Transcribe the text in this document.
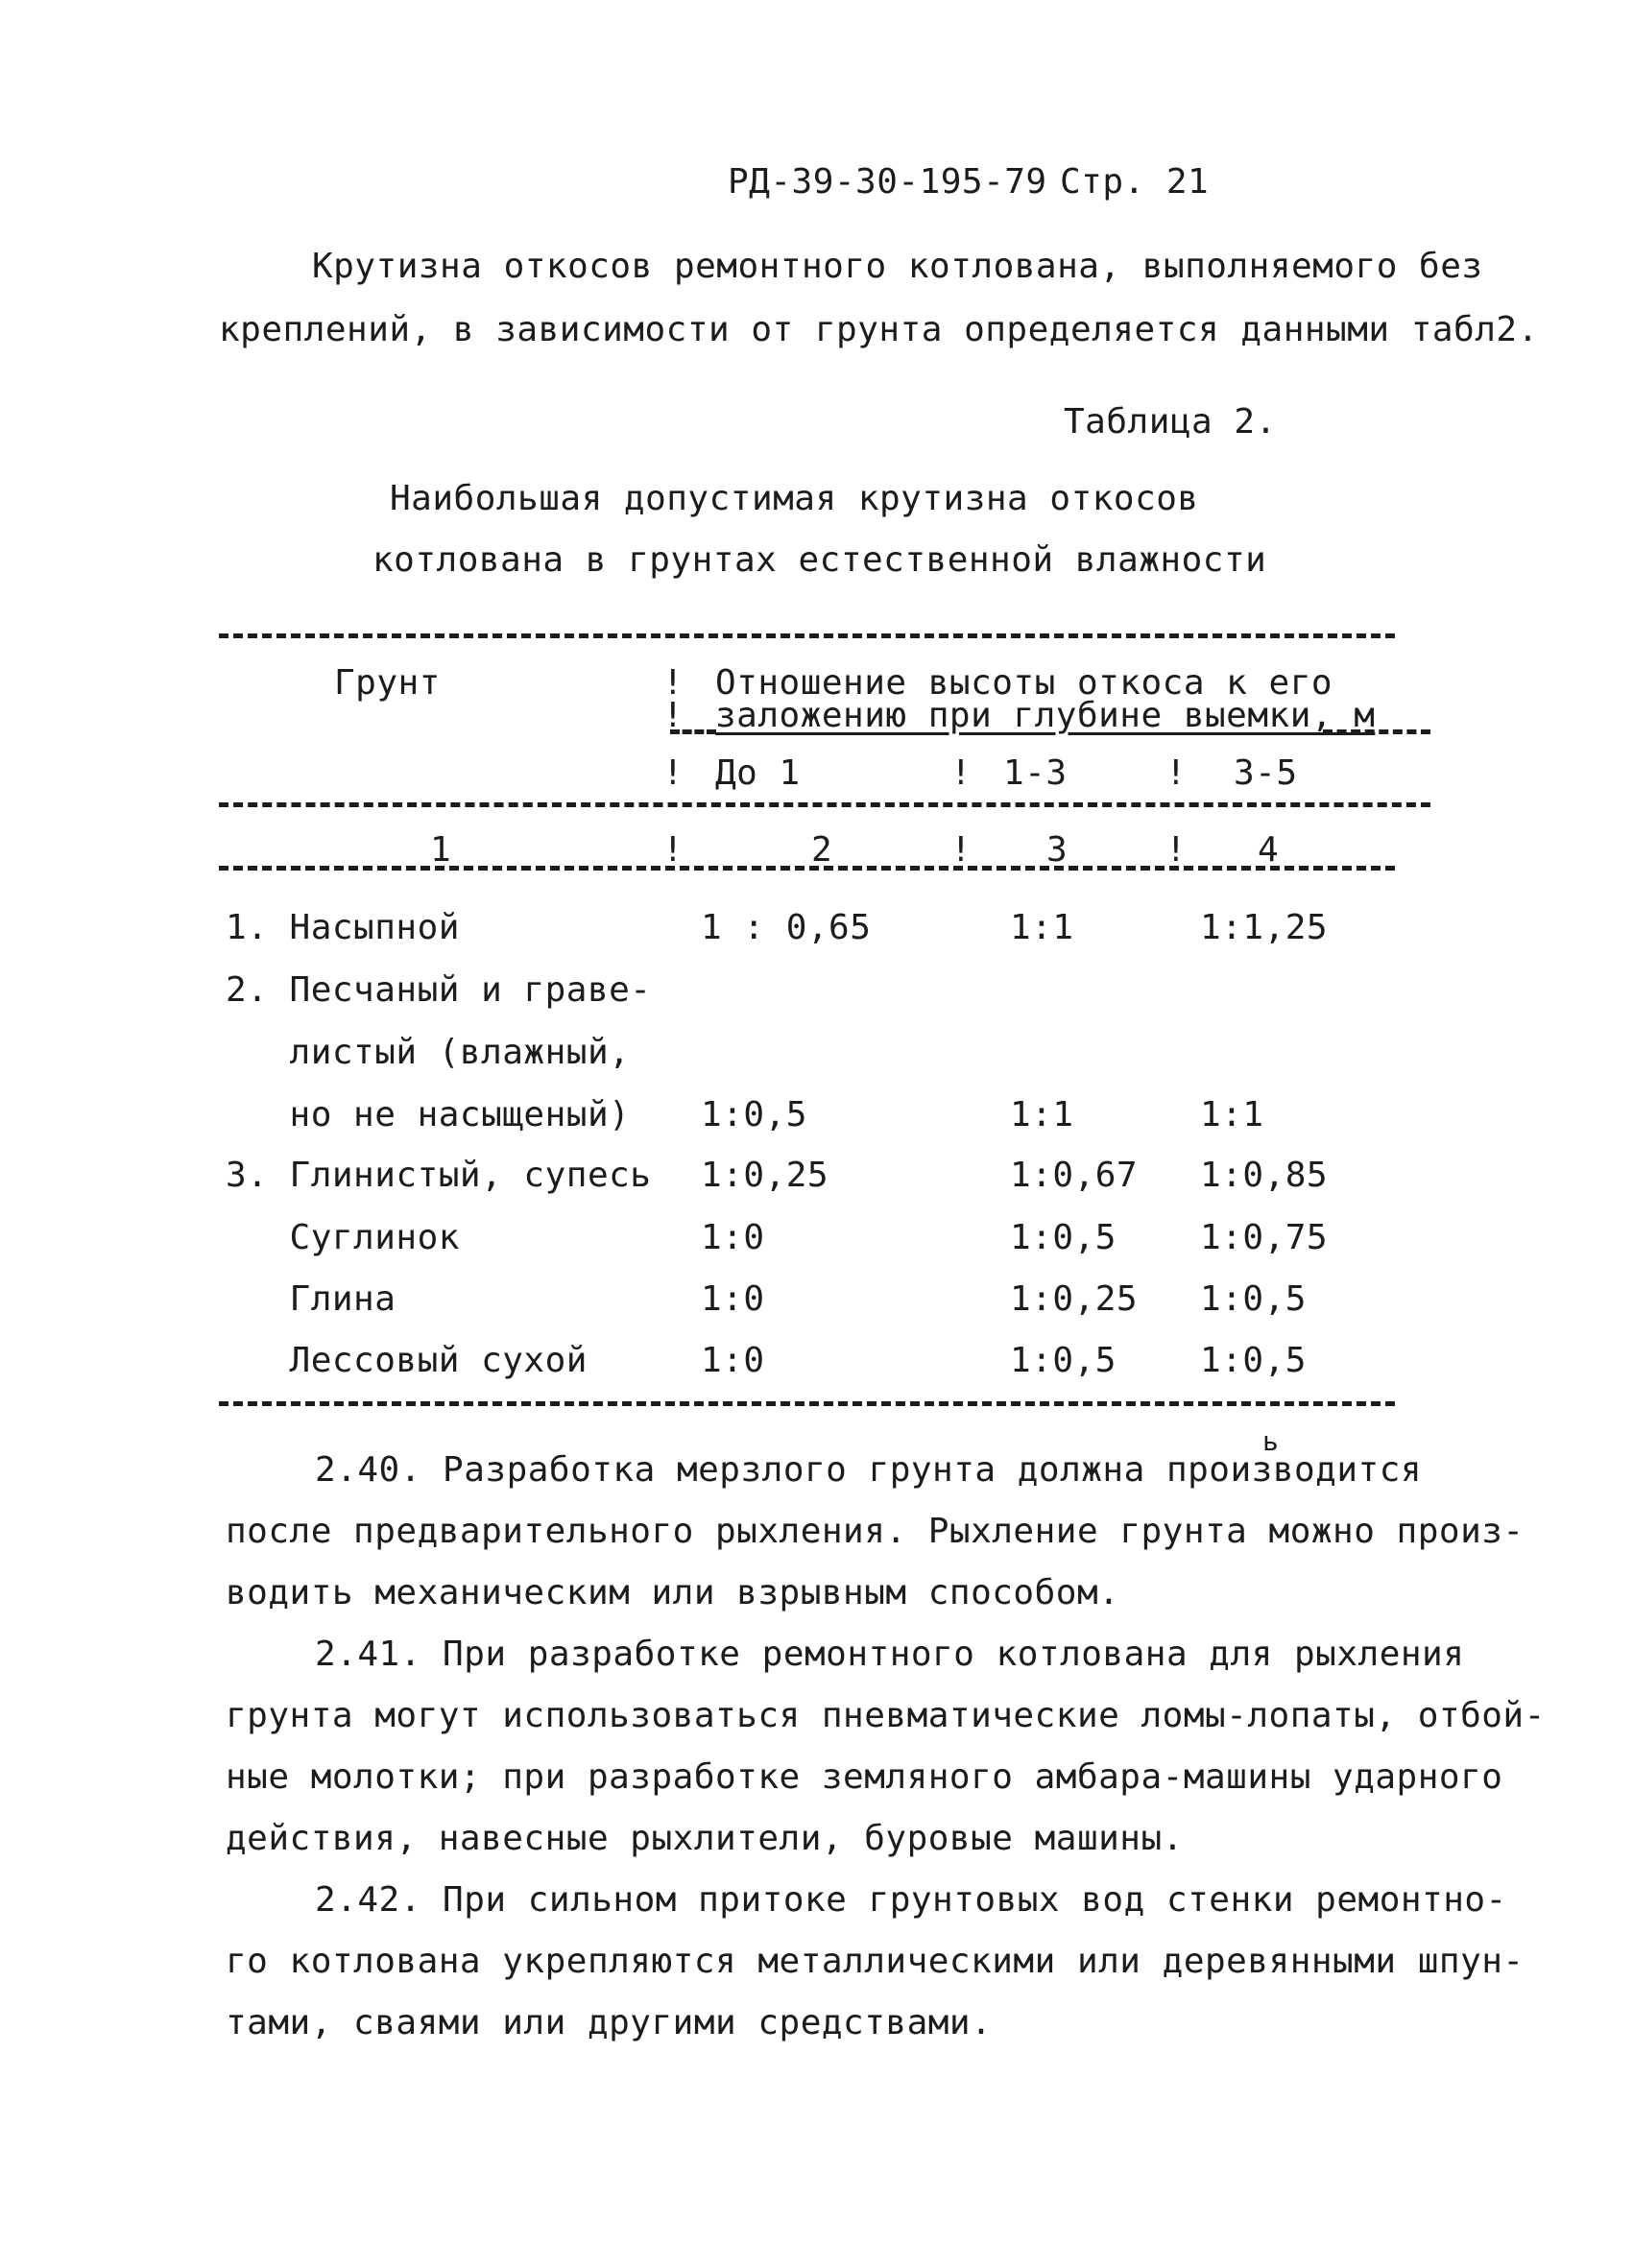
РД-39-30-195-79 Стр. 21
Крутизна откосов ремонтного котлована, выполняемого без
креплений, в зависимости от грунта определяется данными табл2.
Таблица 2.
Наибольшая допустимая крутизна откосов
котлована в грунтах естественной влажности
Грунт	! Отношение высоты откоса к его
! заложению при глубине выемки, м
! До 1	! 1-3	! 3-5
1	!	2	! 3	! 4
1. Насыпной	1 : 0,65	1:1	1:1,25
2. Песчаный и граве-
листый (влажный,
но не насыщеный) 1:0,5	1:1	1:1
3. Глинистый, супесь 1:0,25	1:0,67 1:0,85
Суглинок	1:0	1:0,5 1:0,75
Глина	1:0	1:0,25 1:0,5
Лессовый сухой	1:0	1:0,5 1:0,5
ь
2.40. Разработка мерзлого грунта должна производится
после предварительного рыхления. Рыхление грунта можно произ-
водить механическим или взрывным способом.
2.41. При разработке ремонтного котлована для рыхления
грунта могут использоваться пневматические ломы-лопаты, отбой-
ные молотки; при разработке земляного амбара-машины ударного
действия, навесные рыхлители, буровые машины.
2.42. При сильном притоке грунтовых вод стенки ремонтно-
го котлована укрепляются металлическими или деревянными шпун-
тами, сваями или другими средствами.
